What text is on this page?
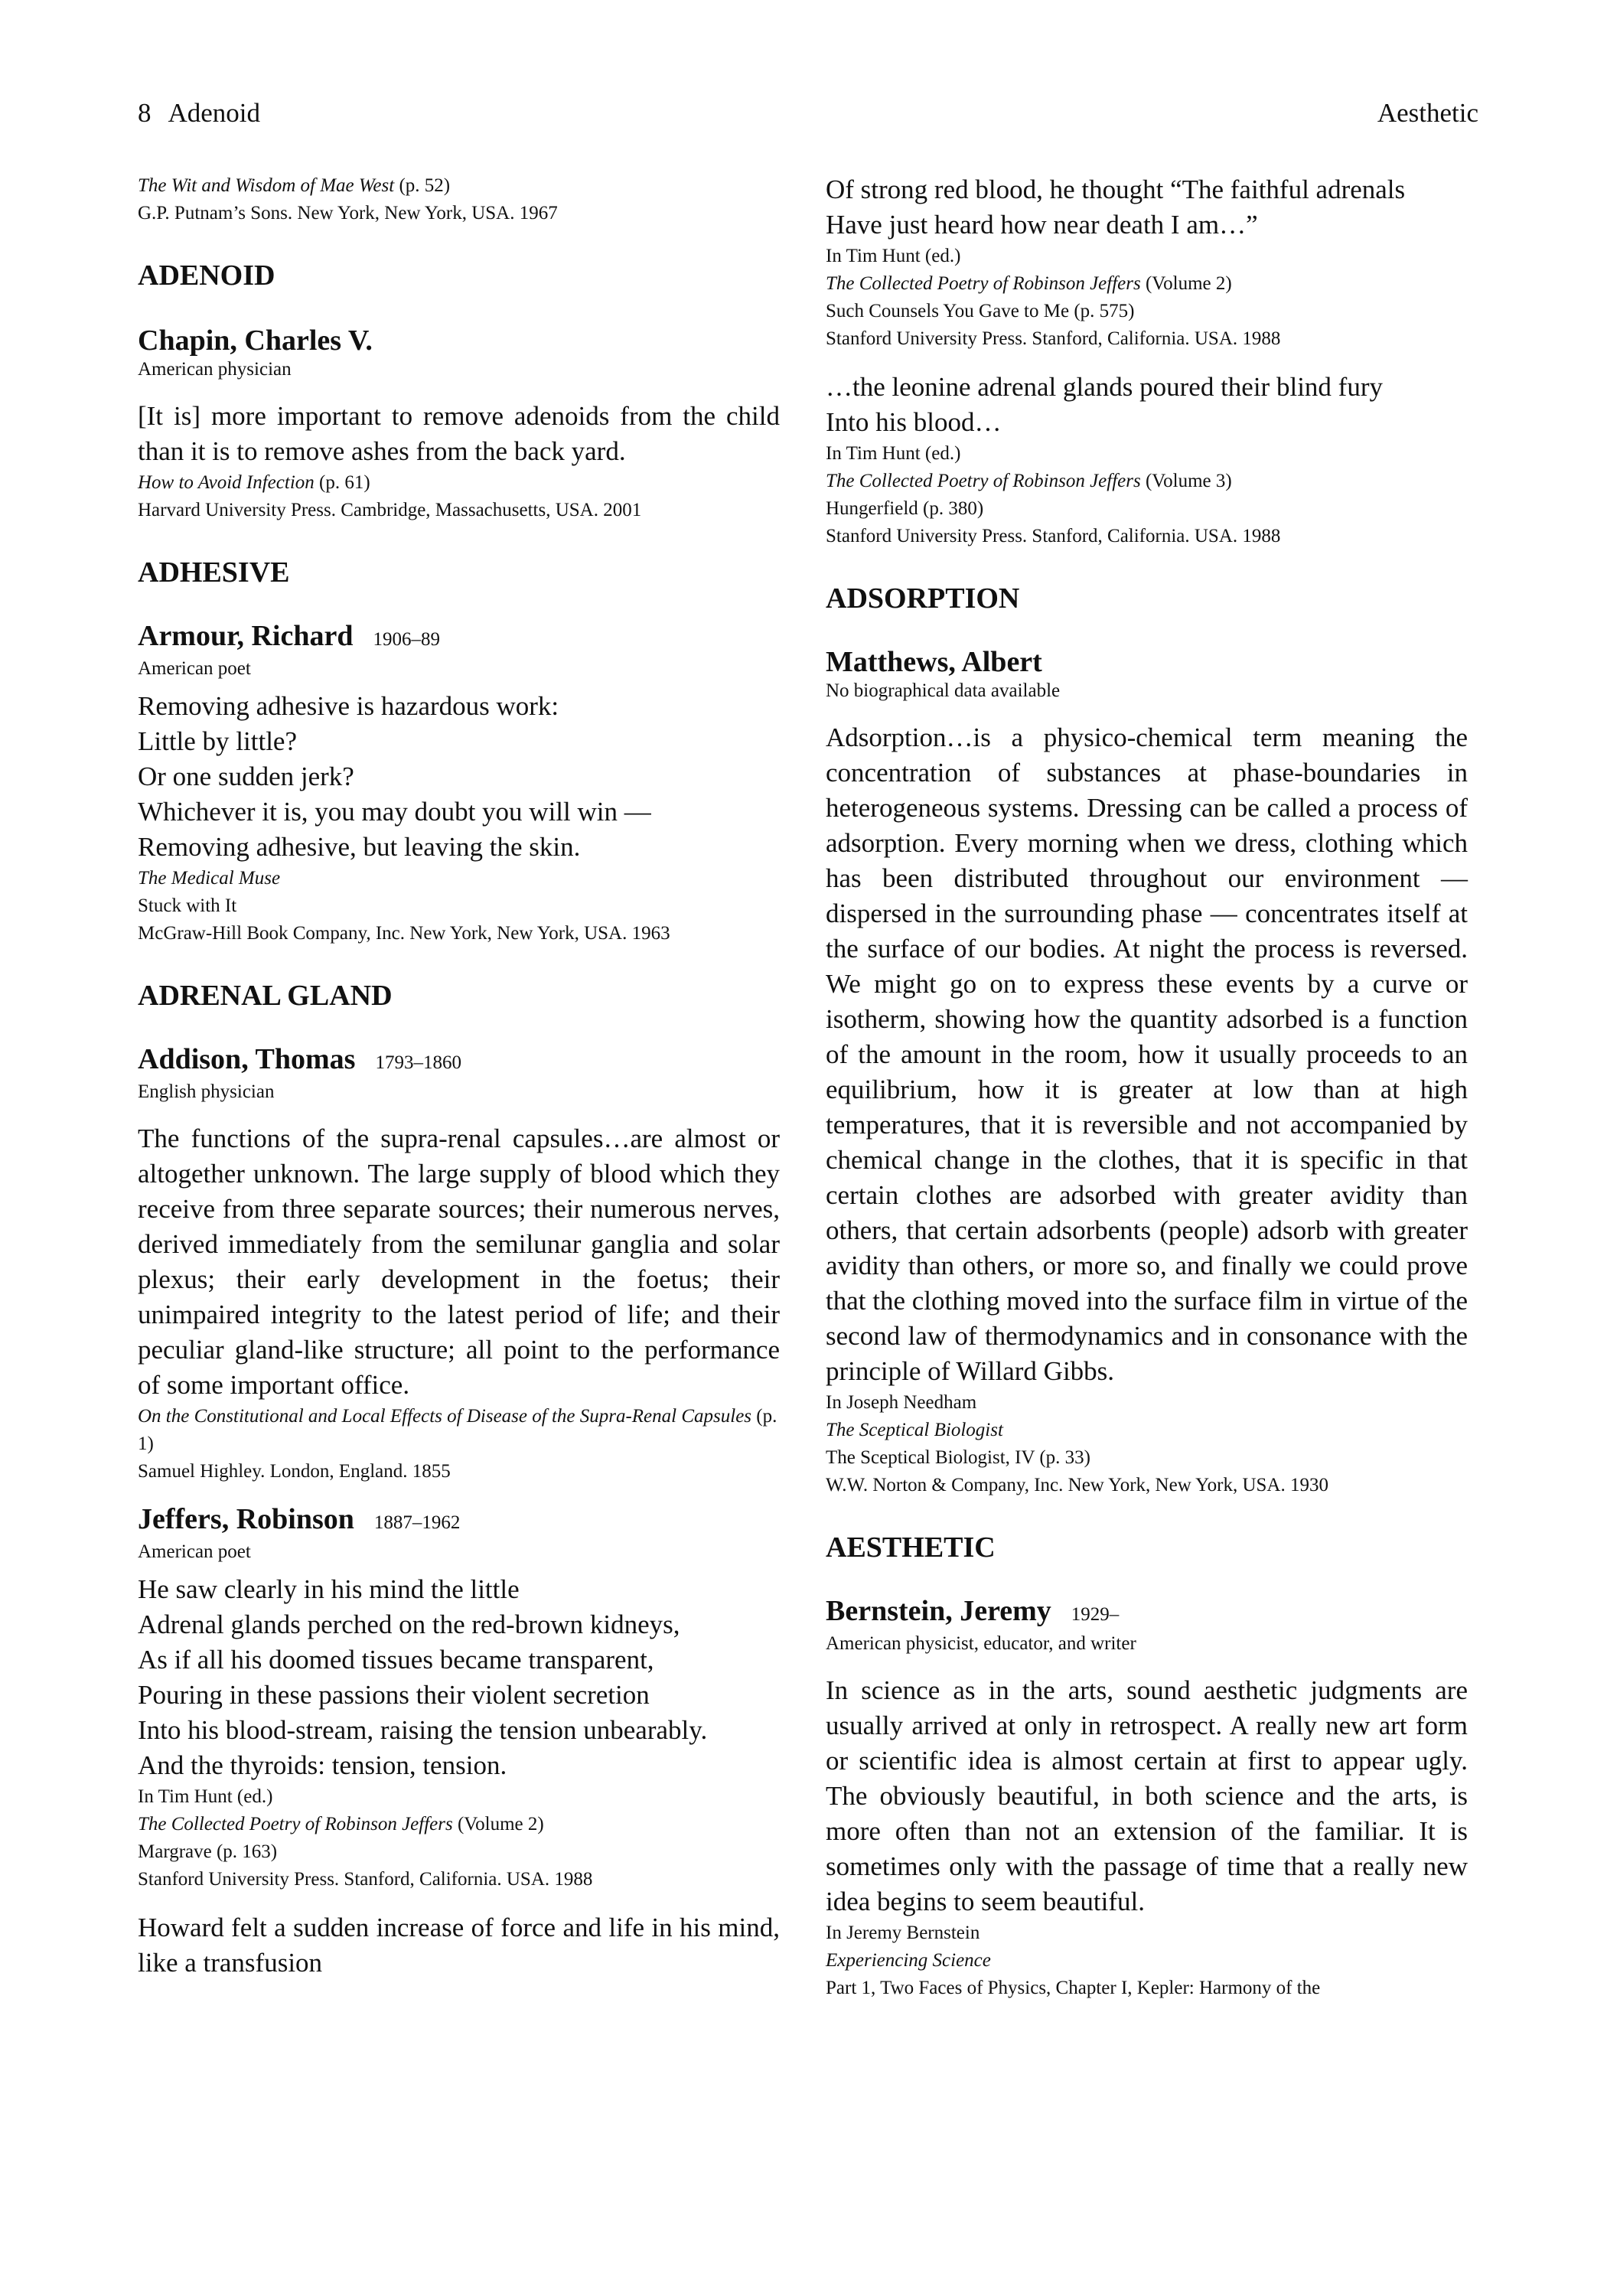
8 Adenoid	Aesthetic
The Wit and Wisdom of Mae West (p. 52)
G.P. Putnam’s Sons. New York, New York, USA. 1967
ADENOID
Chapin, Charles V.
American physician
[It is] more important to remove adenoids from the child than it is to remove ashes from the back yard.
How to Avoid Infection (p. 61)
Harvard University Press. Cambridge, Massachusetts, USA. 2001
ADHESIVE
Armour, Richard 1906–89
American poet
Removing adhesive is hazardous work:
Little by little?
Or one sudden jerk?
Whichever it is, you may doubt you will win —
Removing adhesive, but leaving the skin.
The Medical Muse
Stuck with It
McGraw-Hill Book Company, Inc. New York, New York, USA. 1963
ADRENAL GLAND
Addison, Thomas 1793–1860
English physician
The functions of the supra-renal capsules…are almost or altogether unknown. The large supply of blood which they receive from three separate sources; their numerous nerves, derived immediately from the semilunar ganglia and solar plexus; their early development in the foetus; their unimpaired integrity to the latest period of life; and their peculiar gland-like structure; all point to the performance of some important office.
On the Constitutional and Local Effects of Disease of the Supra-Renal Capsules (p. 1)
Samuel Highley. London, England. 1855
Jeffers, Robinson 1887–1962
American poet
He saw clearly in his mind the little
Adrenal glands perched on the red-brown kidneys,
As if all his doomed tissues became transparent,
Pouring in these passions their violent secretion
Into his blood-stream, raising the tension unbearably.
And the thyroids: tension, tension.
In Tim Hunt (ed.)
The Collected Poetry of Robinson Jeffers (Volume 2)
Margrave (p. 163)
Stanford University Press. Stanford, California. USA. 1988
Howard felt a sudden increase of force and life in his mind, like a transfusion
Of strong red blood, he thought “The faithful adrenals
Have just heard how near death I am…”
In Tim Hunt (ed.)
The Collected Poetry of Robinson Jeffers (Volume 2)
Such Counsels You Gave to Me (p. 575)
Stanford University Press. Stanford, California. USA. 1988
…the leonine adrenal glands poured their blind fury
Into his blood…
In Tim Hunt (ed.)
The Collected Poetry of Robinson Jeffers (Volume 3)
Hungerfield (p. 380)
Stanford University Press. Stanford, California. USA. 1988
ADSORPTION
Matthews, Albert
No biographical data available
Adsorption…is a physico-chemical term meaning the concentration of substances at phase-boundaries in heterogeneous systems. Dressing can be called a process of adsorption. Every morning when we dress, clothing which has been distributed throughout our environment — dispersed in the surrounding phase — concentrates itself at the surface of our bodies. At night the process is reversed. We might go on to express these events by a curve or isotherm, showing how the quantity adsorbed is a function of the amount in the room, how it usually proceeds to an equilibrium, how it is greater at low than at high temperatures, that it is reversible and not accompanied by chemical change in the clothes, that it is specific in that certain clothes are adsorbed with greater avidity than others, that certain adsorbents (people) adsorb with greater avidity than others, or more so, and finally we could prove that the clothing moved into the surface film in virtue of the second law of thermodynamics and in consonance with the principle of Willard Gibbs.
In Joseph Needham
The Sceptical Biologist
The Sceptical Biologist, IV (p. 33)
W.W. Norton & Company, Inc. New York, New York, USA. 1930
AESTHETIC
Bernstein, Jeremy 1929–
American physicist, educator, and writer
In science as in the arts, sound aesthetic judgments are usually arrived at only in retrospect. A really new art form or scientific idea is almost certain at first to appear ugly. The obviously beautiful, in both science and the arts, is more often than not an extension of the familiar. It is sometimes only with the passage of time that a really new idea begins to seem beautiful.
In Jeremy Bernstein
Experiencing Science
Part 1, Two Faces of Physics, Chapter I, Kepler: Harmony of the
